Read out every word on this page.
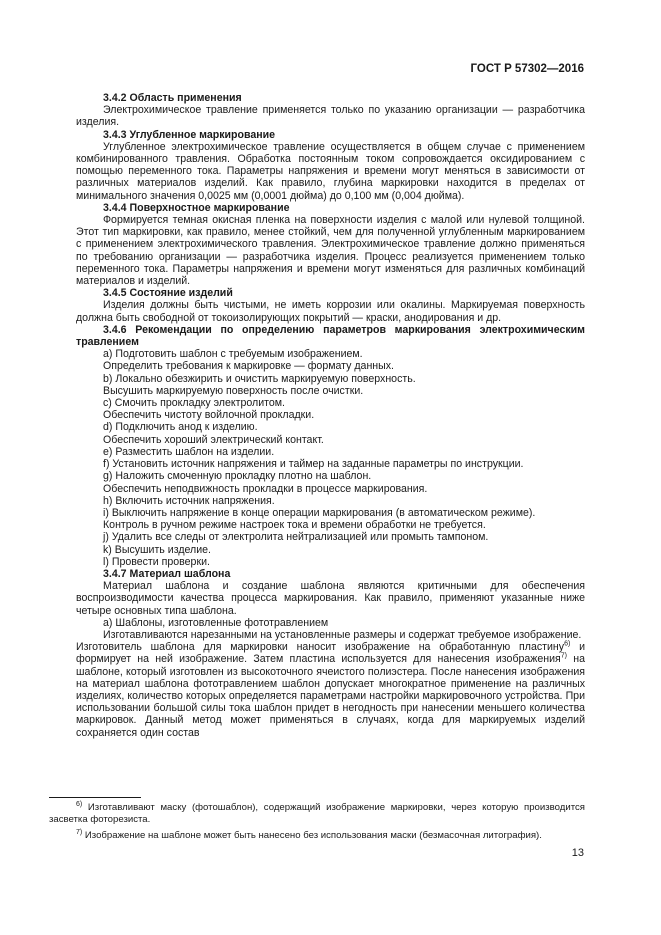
ГОСТ Р 57302—2016

3.4.2 Область применения

Электрохимическое травление применяется только по указанию организации — разработчика изделия.

3.4.3 Углубленное маркирование

Углубленное электрохимическое травление осуществляется в общем случае с применением комбинированного травления. Обработка постоянным током сопровождается оксидированием с помощью переменного тока. Параметры напряжения и времени могут меняться в зависимости от различных материалов изделий. Как правило, глубина маркировки находится в пределах от минимального значения 0,0025 мм (0,0001 дюйма) до 0,100 мм (0,004 дюйма).

3.4.4 Поверхностное маркирование

Формируется темная окисная пленка на поверхности изделия с малой или нулевой толщиной. Этот тип маркировки, как правило, менее стойкий, чем для полученной углубленным маркированием с применением электрохимического травления. Электрохимическое травление должно применяться по требованию организации — разработчика изделия. Процесс реализуется применением только переменного тока. Параметры напряжения и времени могут изменяться для различных комбинаций материалов и изделий.

3.4.5 Состояние изделий

Изделия должны быть чистыми, не иметь коррозии или окалины. Маркируемая поверхность должна быть свободной от токоизолирующих покрытий — краски, анодирования и др.

3.4.6 Рекомендации по определению параметров маркирования электрохимическим травлением

a) Подготовить шаблон с требуемым изображением.

Определить требования к маркировке — формату данных.

b) Локально обезжирить и очистить маркируемую поверхность.

Высушить маркируемую поверхность после очистки.

c) Смочить прокладку электролитом.

Обеспечить чистоту войлочной прокладки.

d) Подключить анод к изделию.

Обеспечить хороший электрический контакт.

e) Разместить шаблон на изделии.

f) Установить источник напряжения и таймер на заданные параметры по инструкции.

g) Наложить смоченную прокладку плотно на шаблон.

Обеспечить неподвижность прокладки в процессе маркирования.

h) Включить источник напряжения.

i) Выключить напряжение в конце операции маркирования (в автоматическом режиме).

Контроль в ручном режиме настроек тока и времени обработки не требуется.

j) Удалить все следы от электролита нейтрализацией или промыть тампоном.

k) Высушить изделие.

l) Провести проверки.

3.4.7 Материал шаблона

Материал шаблона и создание шаблона являются критичными для обеспечения воспроизводимости качества процесса маркирования. Как правило, применяют указанные ниже четыре основных типа шаблона.

a) Шаблоны, изготовленные фототравлением

Изготавливаются нарезанными на установленные размеры и содержат требуемое изображение.

Изготовитель шаблона для маркировки наносит изображение на обработанную пластину$^{6)}$ и формирует на ней изображение. Затем пластина используется для нанесения изображения$^{7)}$ на шаблоне, который изготовлен из высокоточного ячеистого полиэстера. После нанесения изображения на материал шаблона фототравлением шаблон допускает многократное применение на различных изделиях, количество которых определяется параметрами настройки маркировочного устройства. При использовании большой силы тока шаблон придет в негодность при нанесении меньшего количества маркировок. Данный метод может применяться в случаях, когда для маркируемых изделий сохраняется один состав

$^{6)}$ Изготавливают маску (фотошаблон), содержащий изображение маркировки, через которую производится засветка фоторезиста.

$^{7)}$ Изображение на шаблоне может быть нанесено без использования маски (безмасочная литография).

13
